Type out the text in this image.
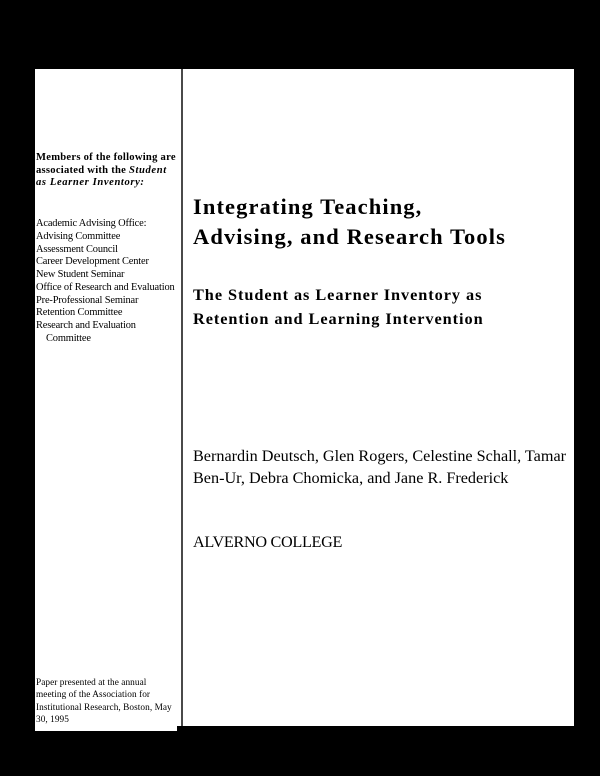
Members of the following are associated with the Student as Learner Inventory:
Academic Advising Office:
Advising Committee
Assessment Council
Career Development Center
New Student Seminar
Office of Research and Evaluation
Pre-Professional Seminar
Retention Committee
Research and Evaluation Committee
Paper presented at the annual meeting of the Association for Institutional Research, Boston, May 30, 1995
Integrating Teaching,
Advising, and Research Tools
The Student as Learner Inventory as
Retention and Learning Intervention
Bernardin Deutsch, Glen Rogers, Celestine Schall, Tamar Ben-Ur, Debra Chomicka, and Jane R. Frederick
ALVERNO COLLEGE
